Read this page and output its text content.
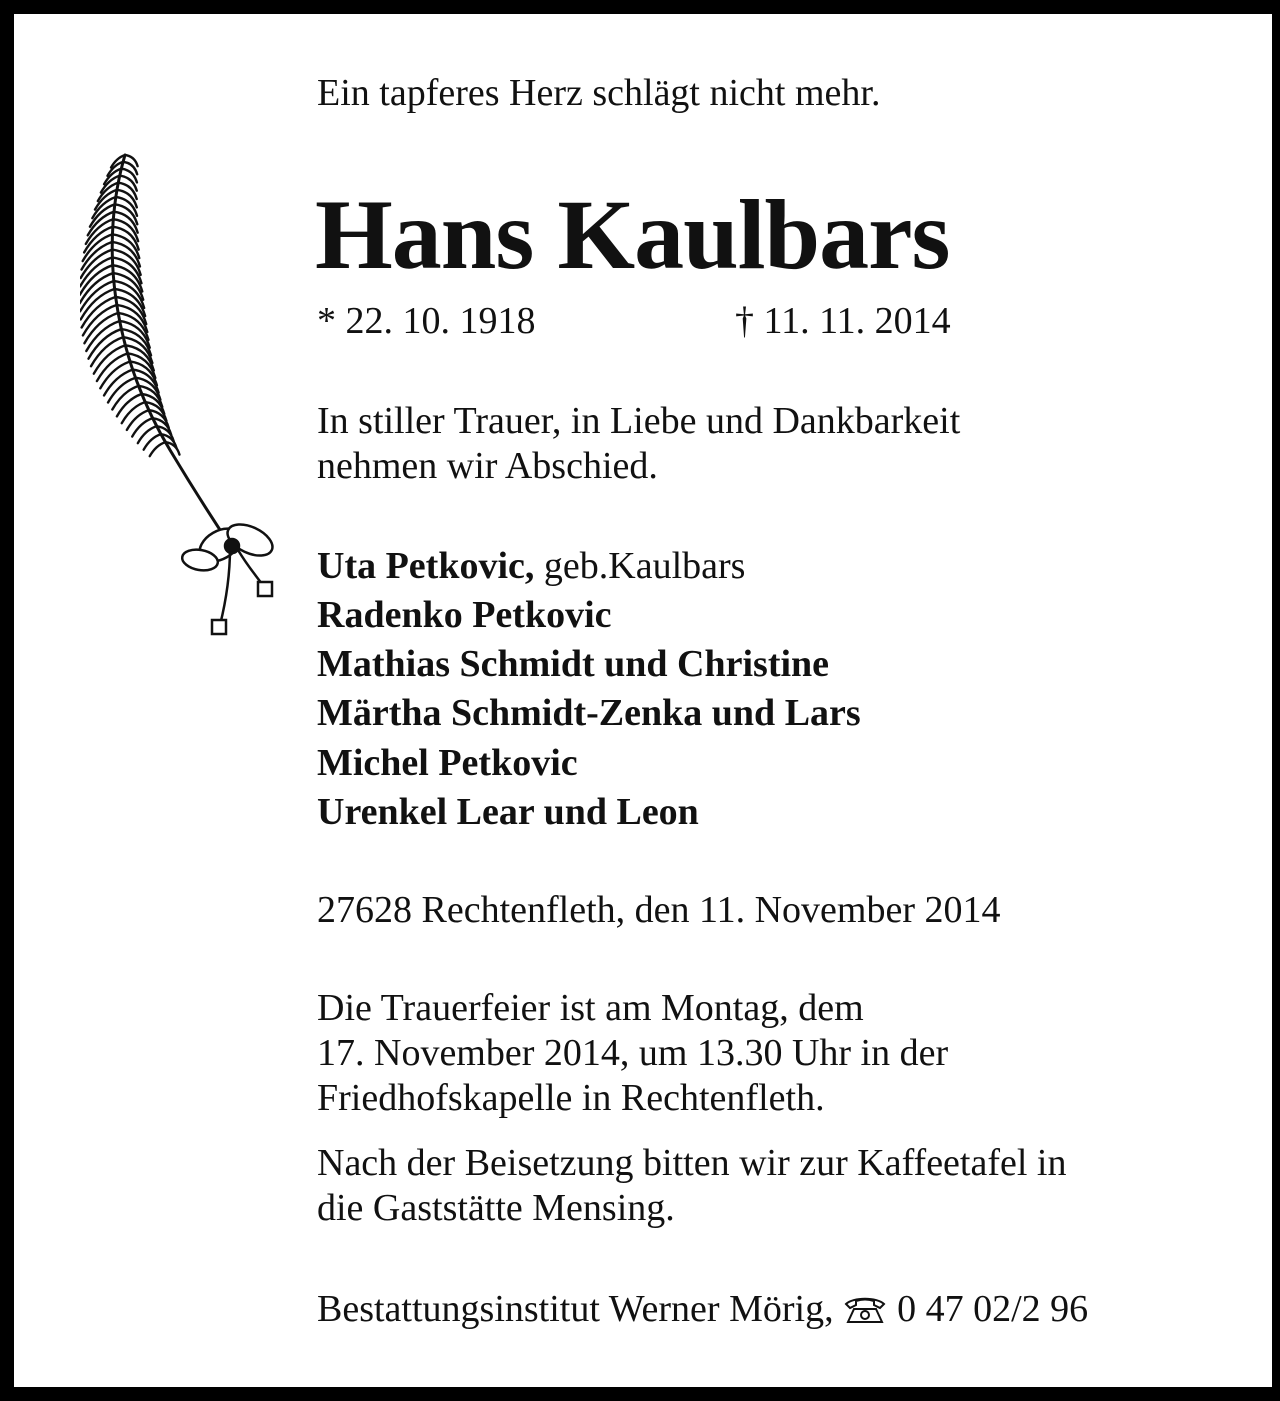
Ein tapferes Herz schlägt nicht mehr.
Hans Kaulbars
* 22. 10. 1918	† 11. 11. 2014
In stiller Trauer, in Liebe und Dankbarkeit
nehmen wir Abschied.
Uta Petkovic, geb.Kaulbars
Radenko Petkovic
Mathias Schmidt und Christine
Märtha Schmidt-Zenka und Lars
Michel Petkovic
Urenkel Lear und Leon
27628 Rechtenfleth, den 11. November 2014
Die Trauerfeier ist am Montag, dem
17. November 2014, um 13.30 Uhr in der
Friedhofskapelle in Rechtenfleth.
Nach der Beisetzung bitten wir zur Kaffeetafel in
die Gaststätte Mensing.
Bestattungsinstitut Werner Mörig, 0 47 02/2 96
